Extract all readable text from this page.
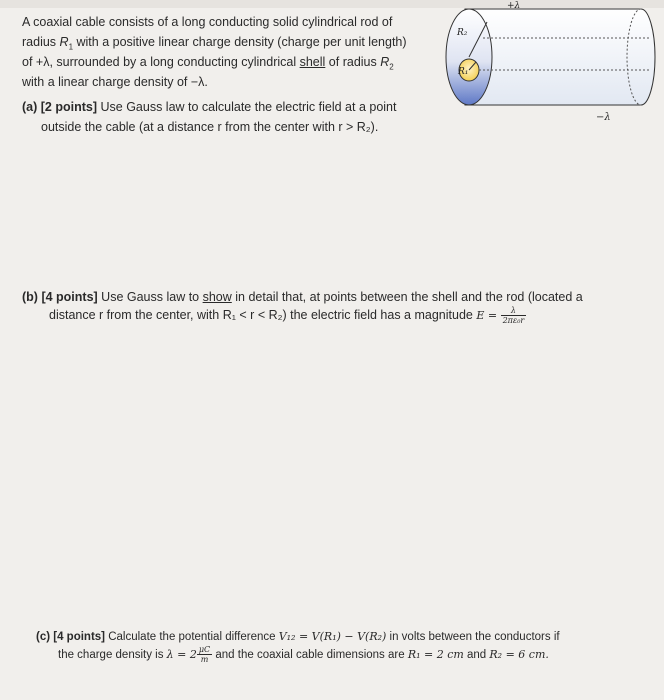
A coaxial cable consists of a long conducting solid cylindrical rod of
radius $R_1$ with a positive linear charge density (charge per unit length)
of +λ, surrounded by a long conducting cylindrical shell of radius $R_2$
with a linear charge density of −λ.
(a) [2 points] Use Gauss law to calculate the electric field at a point
outside the cable (at a distance r from the center with r > R₂).
R₂
R₁
+λ
−λ
(b) [4 points] Use Gauss law to show in detail that, at points between the shell and the rod (located a
distance r from the center, with R₁ < r < R₂) the electric field has a magnitude $E = \frac{\lambda}{\text{2πε₀r}}$
(c) [4 points] Calculate the potential difference V₁₂ = V(R₁) − V(R₂) in volts between the conductors if
the charge density is $\lambda = 2 \frac{\mu C}{m}$ and the coaxial cable dimensions are R₁ = 2 cm and R₂ = 6 cm.
